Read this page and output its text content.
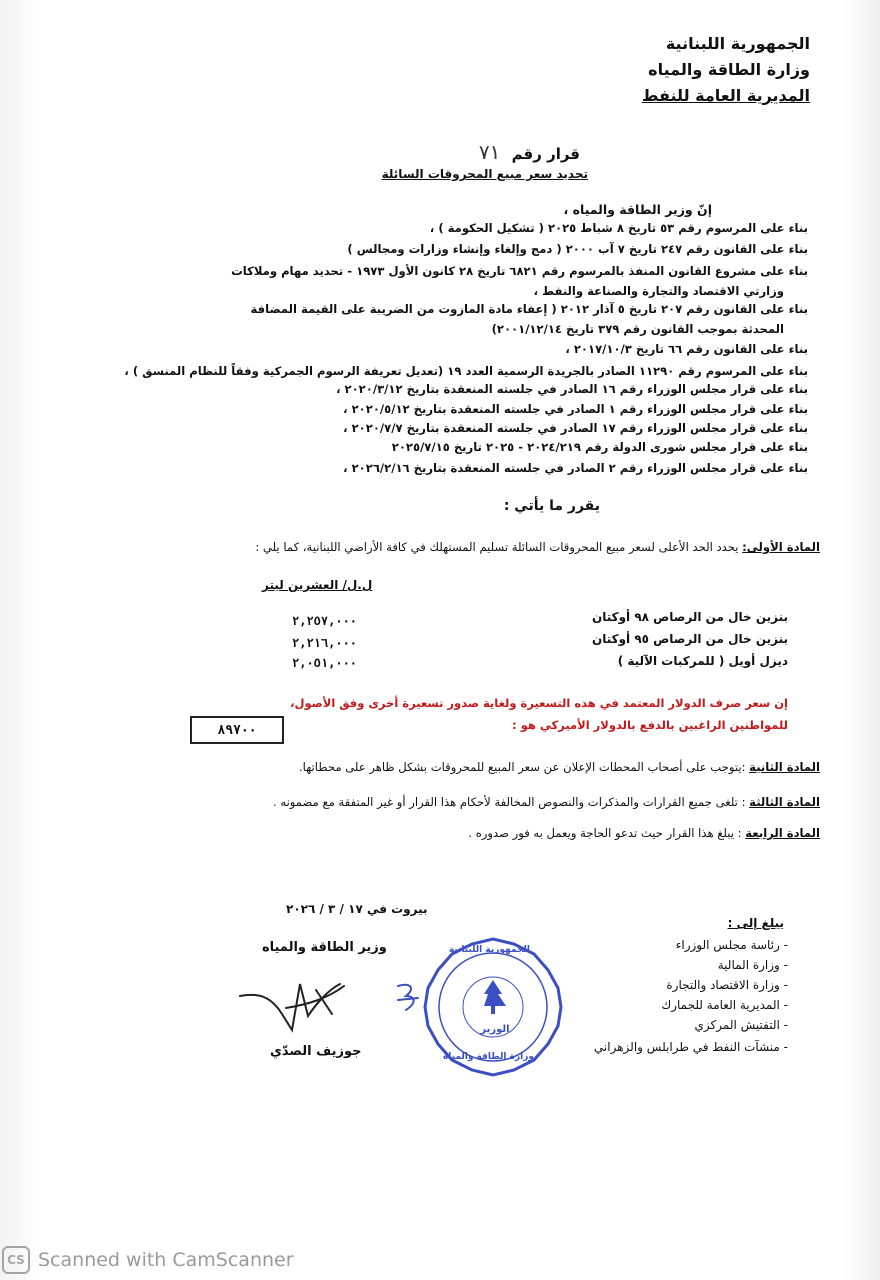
الجمهورية اللبنانية
وزارة الطاقة والمياه
المديرية العامة للنفط
قرار رقم ٧١
تحديد سعر مبيع المحروقات السائلة
إنّ وزير الطاقة والمياه ،
بناء على المرسوم رقم ٥٣ تاريخ ٨ شباط ٢٠٢٥ ( تشكيل الحكومة ) ،
بناء على القانون رقم ٢٤٧ تاريخ ٧ آب ٢٠٠٠ ( دمج وإلغاء وإنشاء وزارات ومجالس )
بناء على مشروع القانون المنفذ بالمرسوم رقم ٦٨٢١ تاريخ ٢٨ كانون الأول ١٩٧٣ - تحديد مهام وملاكات
وزارتي الاقتصاد والتجارة والصناعة والنفط ،
بناء على القانون رقم ٢٠٧ تاريخ ٥ آذار ٢٠١٢ ( إعفاء مادة المازوت من الضريبة على القيمة المضافة
المحدثة بموجب القانون رقم ٣٧٩ تاريخ ٢٠٠١/١٢/١٤)
بناء على القانون رقم ٦٦ تاريخ ٢٠١٧/١٠/٣ ،
بناء على المرسوم رقم ١١٢٩٠ الصادر بالجريدة الرسمية العدد ١٩ (تعديل تعريفة الرسوم الجمركية وفقاً للنظام المنسق ) ،
بناء على قرار مجلس الوزراء رقم ١٦ الصادر في جلسته المنعقدة بتاريخ ٢٠٢٠/٣/١٢ ،
بناء على قرار مجلس الوزراء رقم ١ الصادر في جلسته المنعقدة بتاريخ ٢٠٢٠/٥/١٢ ،
بناء على قرار مجلس الوزراء رقم ١٧ الصادر في جلسته المنعقدة بتاريخ ٢٠٢٠/٧/٧ ،
بناء على قرار مجلس شورى الدولة رقم ٢٠٢٤/٢١٩ - ٢٠٢٥ تاريخ ٢٠٢٥/٧/١٥
بناء على قرار مجلس الوزراء رقم ٢ الصادر في جلسته المنعقدة بتاريخ ٢٠٢٦/٢/١٦ ،
يقرر ما يأتي :
المادة الأولى: يحدد الحد الأعلى لسعر مبيع المحروقات السائلة تسليم المستهلك في كافة الأراضي اللبنانية، كما يلي :
ل.ل/ العشرين ليتر
بنزين خال من الرصاص ٩٨ أوكتان
٢,٢٥٧,٠٠٠
بنزين خال من الرصاص ٩٥ أوكتان
٢,٢١٦,٠٠٠
ديزل أويل ( للمركبات الآلية )
٢,٠٥١,٠٠٠
إن سعر صرف الدولار المعتمد في هذه التسعيرة ولغاية صدور تسعيرة أخرى وفق الأصول،
للمواطنين الراغبين بالدفع بالدولار الأميركي هو :
٨٩٧٠٠
المادة الثانية :يتوجب على أصحاب المحطات الإعلان عن سعر المبيع للمحروقات بشكل ظاهر على محطاتها.
المادة الثالثة : تلغى جميع القرارات والمذكرات والنصوص المخالفة لأحكام هذا القرار أو غير المتفقة مع مضمونه .
المادة الرابعة : يبلغ هذا القرار حيث تدعو الحاجة ويعمل به فور صدوره .
بيروت في ١٧ / ٣ / ٢٠٢٦
وزير الطاقة والمياه	الجمهورية اللبنانية
الوزير
وزارة الطاقة والمياه
جوزيف الصدّي
يبلغ إلى :
- رئاسة مجلس الوزراء
- وزارة المالية
- وزارة الاقتصاد والتجارة
- المديرية العامة للجمارك
- التفتيش المركزي
- منشآت النفط في طرابلس والزهراني
CS Scanned with CamScanner
